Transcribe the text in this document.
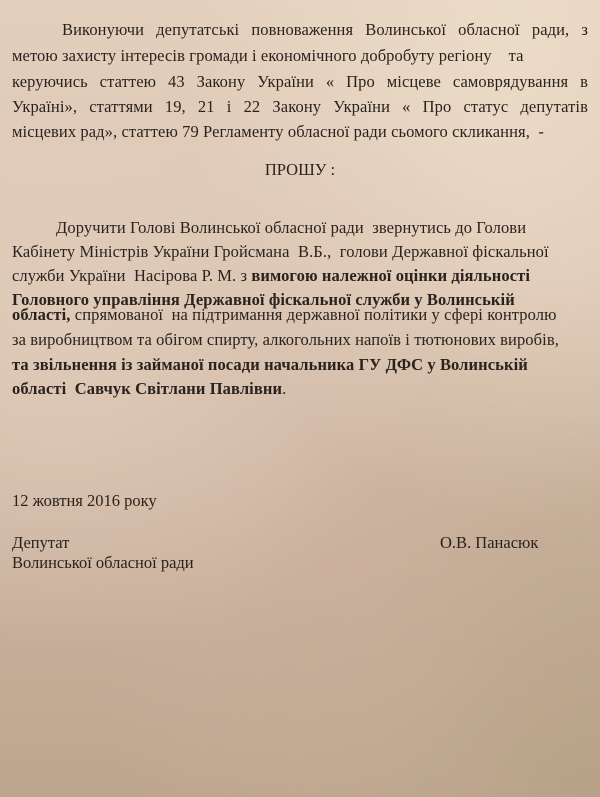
Виконуючи депутатські повноваження Волинської обласної ради, з
метою захисту інтересів громади і економічного добробуту регіону    та
керуючись статтею 43 Закону України « Про місцеве самоврядування в
Україні», статтями 19, 21 і 22 Закону України « Про статус депутатів
місцевих рад», статтею 79 Регламенту обласної ради сьомого скликання,  -
ПРОШУ :
Доручити Голові Волинської обласної ради  звернутись до Голови
Кабінету Міністрів України Гройсмана  В.Б.,  голови Державної фіскальної
служби України  Насірова Р. М. з вимогою належної оцінки діяльності
Головного управління Державної фіскальної служби у Волинській
області, спрямованої  на підтримання державної політики у сфері контролю
за виробництвом та обігом спирту, алкогольних напоїв і тютюнових виробів,
та звільнення із займаної посади начальника ГУ ДФС у Волинській
області  Савчук Світлани Павлівни.
12 жовтня 2016 року
Депутат
Волинської обласної ради
О.В. Панасюк
